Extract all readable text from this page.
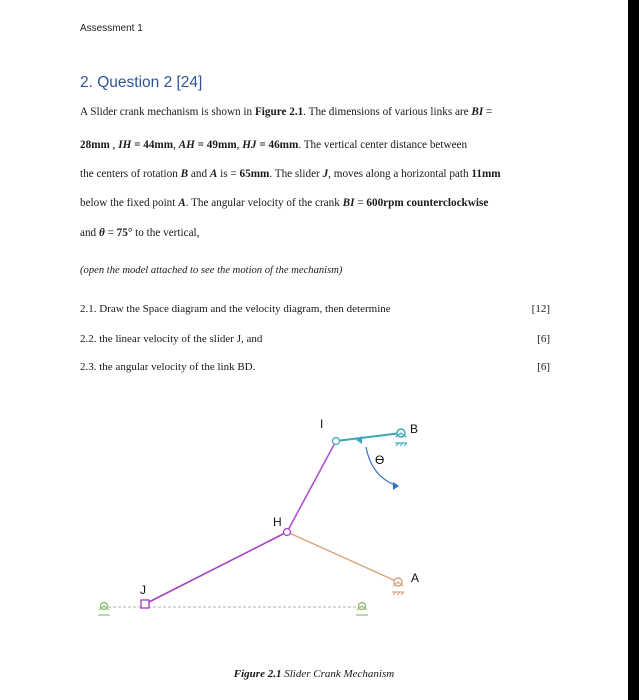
Assessment 1
2. Question 2 [24]
A Slider crank mechanism is shown in Figure 2.1. The dimensions of various links are BI =
28mm , IH = 44mm, AH = 49mm, HJ = 46mm. The vertical center distance between
the centers of rotation B and A is = 65mm. The slider J, moves along a horizontal path 11mm
below the fixed point A. The angular velocity of the crank BI = 600rpm counterclockwise
and θ = 75° to the vertical,
(open the model attached to see the motion of the mechanism)
2.1. Draw the Space diagram and the velocity diagram, then determine	[12]
2.2. the linear velocity of the slider J, and	[6]
2.3. the angular velocity of the link BD.	[6]
I	B
ϴ
H
A
J
Figure 2.1 Slider Crank Mechanism
